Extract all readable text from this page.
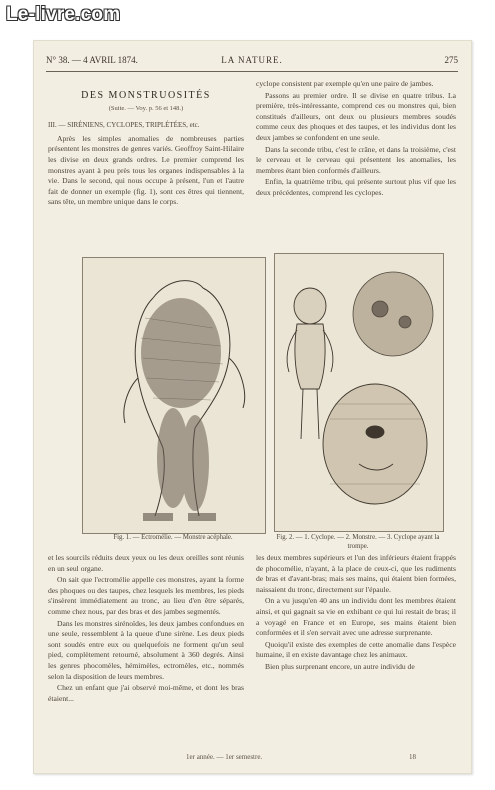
Le-livre.com
N° 38. — 4 AVRIL 1874.	LA NATURE.	275
DES MONSTRUOSITÉS
(Suite. — Voy. p. 56 et 148.)
III. — SIRÉNIENS, CYCLOPES, TRIPLÉTÉES, etc.

Après les simples anomalies de nombreuses parties présentent les monstres de genres variés. Geoffroy Saint-Hilaire les divise en deux grands ordres. Le premier comprend les monstres ayant à peu près tous les organes indispensables à la vie. Dans le second, qui nous occupe à présent, l'un et l'autre fait de donner un exemple (fig. 1), sont ces êtres qui tiennent, sans tête, un membre unique dans le corps.

cyclope consistent par exemple qu'en une paire de jambes.

Passons au premier ordre. Il se divise en quatre tribus. La première, très-intéressante, comprend ces ou monstres qui, bien constitués d'ailleurs, ont deux ou plusieurs membres soudés comme ceux des phoques et des taupes, et les individus dont les deux jambes se confondent en une seule.

Dans la seconde tribu, c'est le crâne, et dans la troisième, c'est le cerveau et le cerveau qui présentent les anomalies, les membres étant bien conformés d'ailleurs.

Enfin, la quatrième tribu, qui présente surtout plus vif que les deux précédentes, comprend les cyclopes.

Fig. 1. — Ectromélie. — Monstre acéphale.	Fig. 2. — 1. Cyclope. — 2. Monstre. — 3. Cyclope ayant la trompe.

et les sourcils réduits deux yeux ou les deux oreilles sont réunis en un seul organe.

On sait que l'ectromélie appelle ces monstres, ayant la forme des phoques ou des taupes, chez lesquels les membres, les pieds s'insèrent immédiatement au tronc, au lieu d'en être séparés, comme chez nous, par des bras et des jambes segmentés.

Dans les monstres sirénoïdes, les deux jambes confondues en une seule, ressemblent à la queue d'une sirène. Les deux pieds sont soudés entre eux ou quelquefois ne forment qu'un seul pied, complètement retourné, absolument à 360 degrés. Ainsi les genres phocomèles, hémimèles, ectromèles, etc., nommés selon la disposition de leurs membres.

Chez un enfant que j'ai observé moi-même, et dont les bras étaient...

les deux membres supérieurs et l'un des inférieurs étaient frappés de phocomélie, n'ayant, à la place de ceux-ci, que les rudiments de bras et d'avant-bras; mais ses mains, qui étaient bien formées, naissaient du tronc, directement sur l'épaule.

On a vu jusqu'en 40 ans un individu dont les membres étaient ainsi, et qui gagnait sa vie en exhibant ce qui lui restait de bras; il a voyagé en France et en Europe, ses mains étaient bien conformées et il s'en servait avec une adresse surprenante.

Quoiqu'il existe des exemples de cette anomalie dans l'espèce humaine, il en existe davantage chez les animaux.

Bien plus surprenant encore, un autre individu de

1er année. — 1er semestre.	18
